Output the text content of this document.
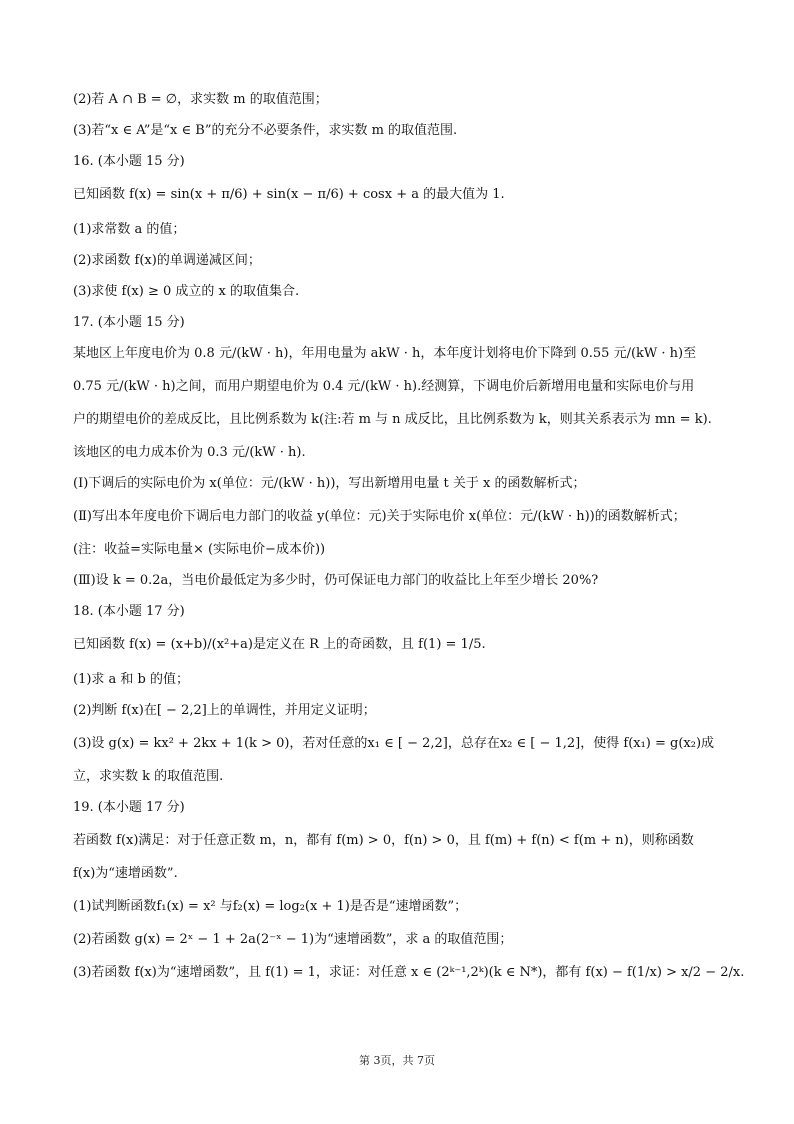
(2)若 A ∩ B = ∅，求实数 m 的取值范围；

(3)若“x ∈ A”是“x ∈ B”的充分不必要条件，求实数 m 的取值范围.

16. (本小题 15 分)

已知函数 f(x) = sin(x + π/6) + sin(x − π/6) + cosx + a 的最大值为 1.

(1)求常数 a 的值；

(2)求函数 f(x)的单调递减区间；

(3)求使 f(x) ≥ 0 成立的 x 的取值集合.

17. (本小题 15 分)

某地区上年度电价为 0.8 元/(kW · h)，年用电量为 akW · h，本年度计划将电价下降到 0.55 元/(kW · h)至

0.75 元/(kW · h)之间，而用户期望电价为 0.4 元/(kW · h).经测算，下调电价后新增用电量和实际电价与用

户的期望电价的差成反比，且比例系数为 k(注:若 m 与 n 成反比，且比例系数为 k，则其关系表示为 mn = k).

该地区的电力成本价为 0.3 元/(kW · h).

(Ⅰ)下调后的实际电价为 x(单位：元/(kW · h))，写出新增用电量 t 关于 x 的函数解析式；

(Ⅱ)写出本年度电价下调后电力部门的收益 y(单位：元)关于实际电价 x(单位：元/(kW · h))的函数解析式；

(注：收益=实际电量× (实际电价−成本价))

(Ⅲ)设 k = 0.2a，当电价最低定为多少时，仍可保证电力部门的收益比上年至少增长 20%?

18. (本小题 17 分)

已知函数 f(x) = (x+b)/(x²+a)是定义在 R 上的奇函数，且 f(1) = 1/5.

(1)求 a 和 b 的值；

(2)判断 f(x)在[ − 2,2]上的单调性，并用定义证明；

(3)设 g(x) = kx² + 2kx + 1(k > 0)，若对任意的x₁ ∈ [ − 2,2]，总存在x₂ ∈ [ − 1,2]，使得 f(x₁) = g(x₂)成

立，求实数 k 的取值范围.

19. (本小题 17 分)

若函数 f(x)满足：对于任意正数 m，n，都有 f(m) > 0，f(n) > 0，且 f(m) + f(n) < f(m + n)，则称函数

f(x)为“速增函数”.

(1)试判断函数f₁(x) = x² 与f₂(x) = log₂(x + 1)是否是“速增函数”；

(2)若函数 g(x) = 2ˣ − 1 + 2a(2⁻ˣ − 1)为“速增函数”，求 a 的取值范围；

(3)若函数 f(x)为“速增函数”，且 f(1) = 1，求证：对任意 x ∈ (2ᵏ⁻¹,2ᵏ)(k ∈ N*)，都有 f(x) − f(1/x) > x/2 − 2/x.

第 3页，共 7页
